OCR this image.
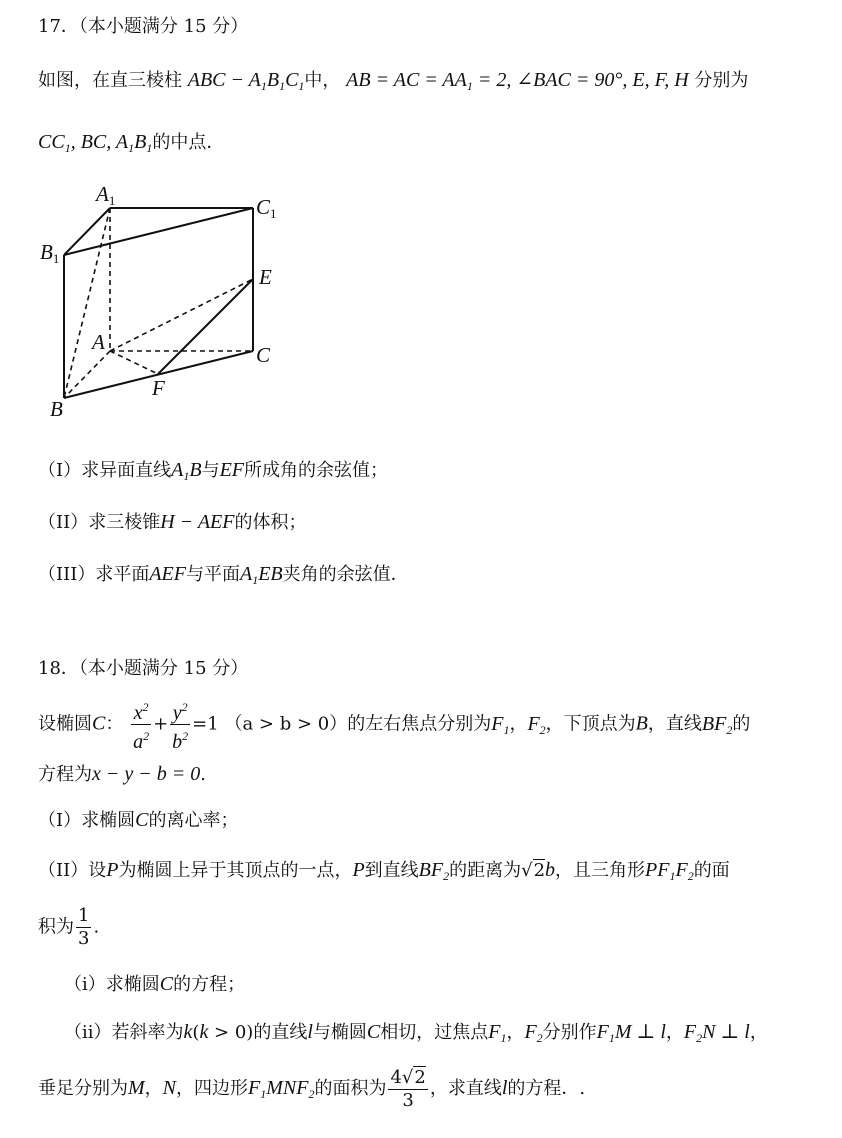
17．（本小题满分 15 分）
如图，在直三棱柱 ABC − $A_1B_1C_1$中， AB = AC = $AA_1 = 2$, ∠BAC = 90°, E, F, H 分别为
$CC_1$, BC, $A_1B_1$的中点．
A1	C1
B1
E
A
C
F
B
（I）求异面直线$A_1B$与EF所成角的余弦值；
（II）求三棱锥H − AEF的体积；
（III）求平面AEF与平面$A_1EB$夹角的余弦值．
18．（本小题满分 15 分）
设椭圆C： $\frac{x^2}{a^2} + \frac{y^2}{b^2} =1$ （a > b > 0）的左右焦点分别为$F_1$，$F_2$，下顶点为B，直线$BF_2$的
方程为x − y − b = 0.
（I）求椭圆C的离心率；
（II）设P为椭圆上异于其顶点的一点，P到直线$BF_2$的距离为√2b，且三角形$PF_1F_2$的面
积为 $\frac{1}{3}$ .
（i）求椭圆C的方程；
（ii）若斜率为k(k > 0)的直线l与椭圆C相切，过焦点$F_1$，$F_2$分别作$F_1M$ ⊥ l，$F_2N$ ⊥ l，
垂足分别为M，N，四边形$F_1MNF_2$的面积为 $\frac{4√2}{3}$ ，求直线l的方程．.
